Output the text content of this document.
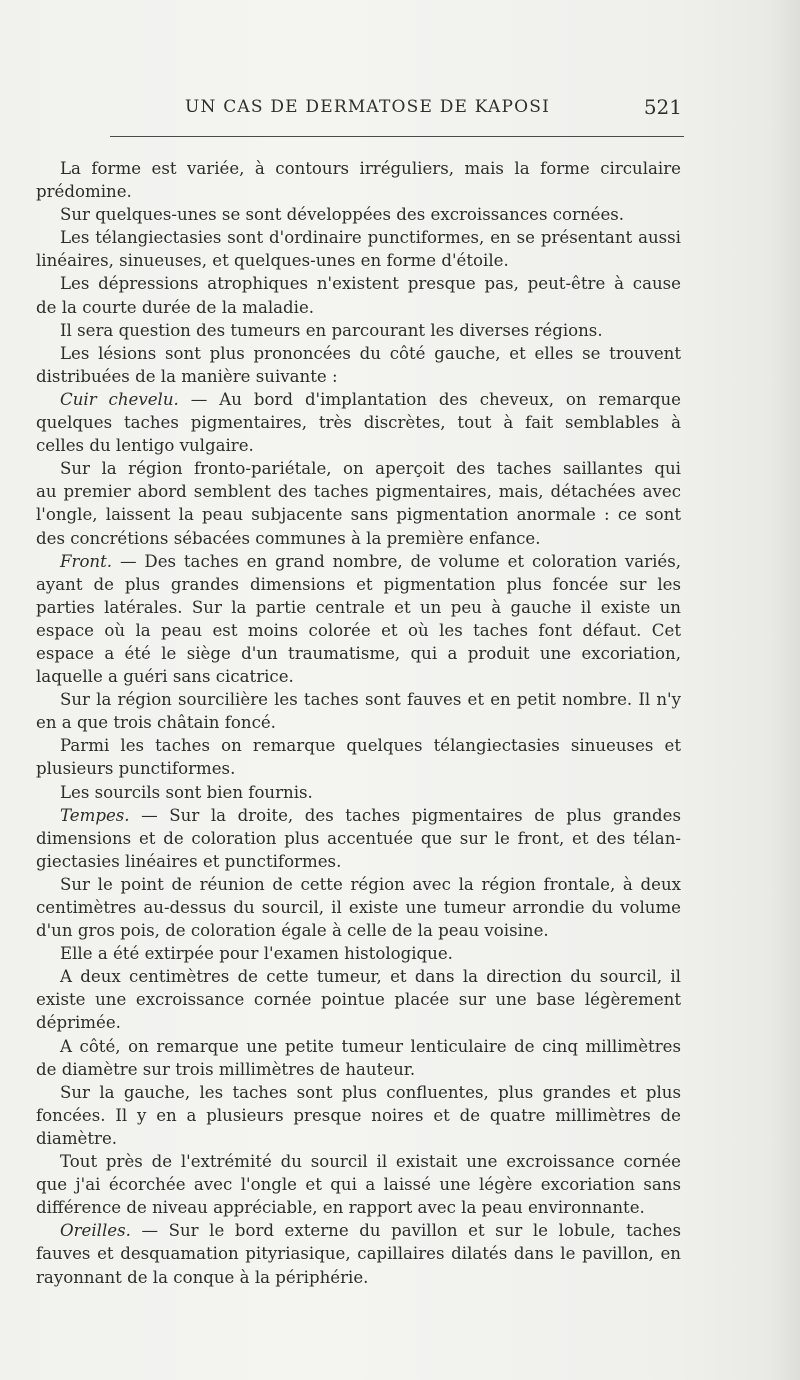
UN CAS DE DERMATOSE DE KAPOSI	521
La forme est variée, à contours irréguliers, mais la forme circulaire
prédomine.
Sur quelques-unes se sont développées des excroissances cornées.
Les télangiectasies sont d'ordinaire punctiformes, en se présentant aussi
linéaires, sinueuses, et quelques-unes en forme d'étoile.
Les dépressions atrophiques n'existent presque pas, peut-être à cause
de la courte durée de la maladie.
Il sera question des tumeurs en parcourant les diverses régions.
Les lésions sont plus prononcées du côté gauche, et elles se trouvent
distribuées de la manière suivante :
Cuir chevelu. — Au bord d'implantation des cheveux, on remarque
quelques taches pigmentaires, très discrètes, tout à fait semblables à
celles du lentigo vulgaire.
Sur la région fronto-pariétale, on aperçoit des taches saillantes qui
au premier abord semblent des taches pigmentaires, mais, détachées avec
l'ongle, laissent la peau subjacente sans pigmentation anormale : ce sont
des concrétions sébacées communes à la première enfance.
Front. — Des taches en grand nombre, de volume et coloration variés,
ayant de plus grandes dimensions et pigmentation plus foncée sur les
parties latérales. Sur la partie centrale et un peu à gauche il existe un
espace où la peau est moins colorée et où les taches font défaut. Cet
espace a été le siège d'un traumatisme, qui a produit une excoriation,
laquelle a guéri sans cicatrice.
Sur la région sourcilière les taches sont fauves et en petit nombre. Il n'y
en a que trois châtain foncé.
Parmi les taches on remarque quelques télangiectasies sinueuses et
plusieurs punctiformes.
Les sourcils sont bien fournis.
Tempes. — Sur la droite, des taches pigmentaires de plus grandes
dimensions et de coloration plus accentuée que sur le front, et des télan-
giectasies linéaires et punctiformes.
Sur le point de réunion de cette région avec la région frontale, à deux
centimètres au-dessus du sourcil, il existe une tumeur arrondie du volume
d'un gros pois, de coloration égale à celle de la peau voisine.
Elle a été extirpée pour l'examen histologique.
A deux centimètres de cette tumeur, et dans la direction du sourcil, il
existe une excroissance cornée pointue placée sur une base légèrement
déprimée.
A côté, on remarque une petite tumeur lenticulaire de cinq millimètres
de diamètre sur trois millimètres de hauteur.
Sur la gauche, les taches sont plus confluentes, plus grandes et plus
foncées. Il y en a plusieurs presque noires et de quatre millimètres de
diamètre.
Tout près de l'extrémité du sourcil il existait une excroissance cornée
que j'ai écorchée avec l'ongle et qui a laissé une légère excoriation sans
différence de niveau appréciable, en rapport avec la peau environnante.
Oreilles. — Sur le bord externe du pavillon et sur le lobule, taches
fauves et desquamation pityriasique, capillaires dilatés dans le pavillon, en
rayonnant de la conque à la périphérie.
